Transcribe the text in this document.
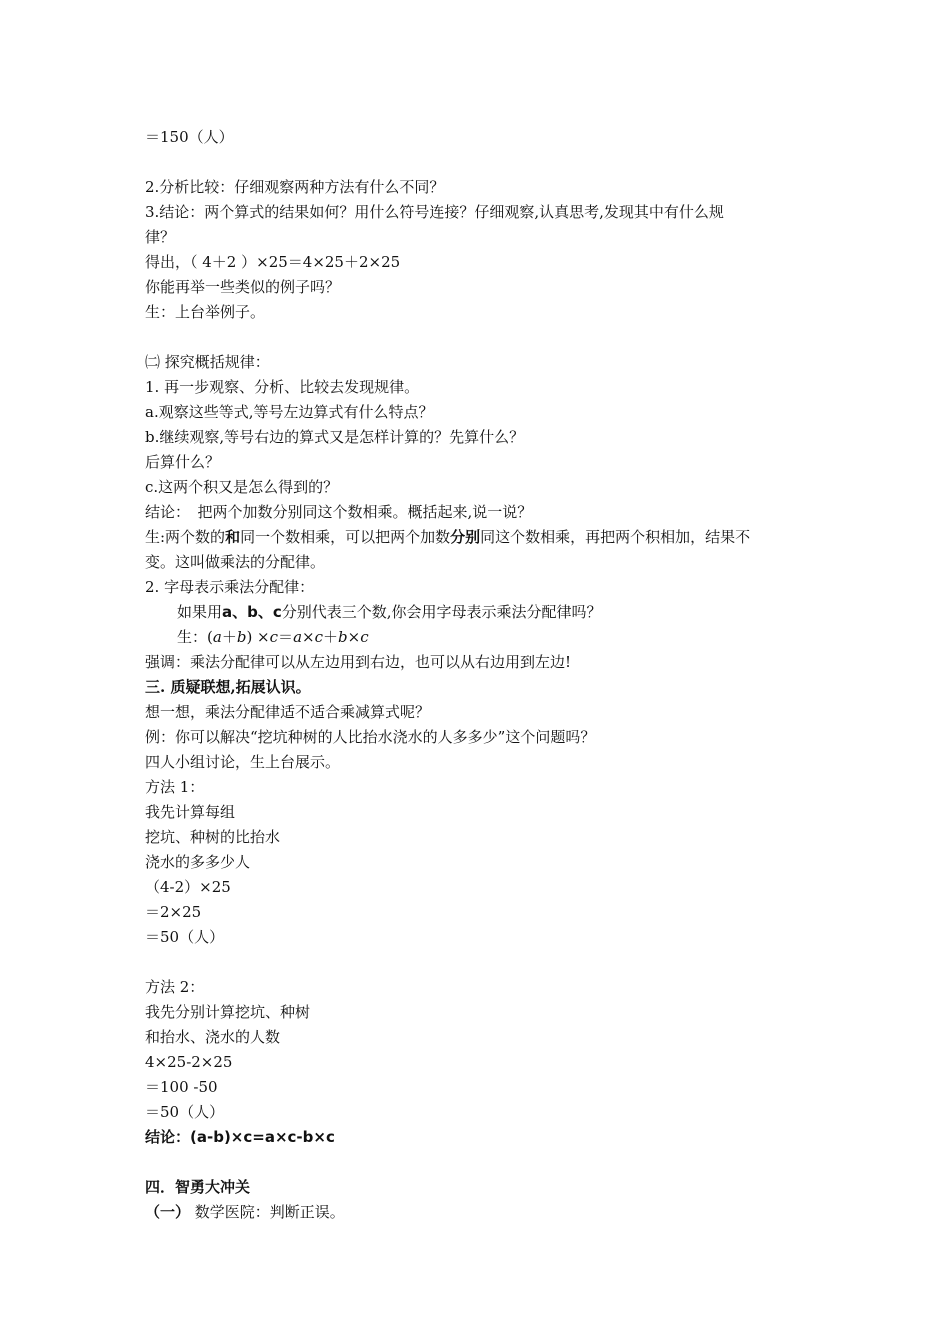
＝150（人）
2.分析比较：仔细观察两种方法有什么不同？
3.结论：两个算式的结果如何？用什么符号连接？仔细观察,认真思考,发现其中有什么规
律？
得出，（ 4＋2 ）×25＝4×25＋2×25
你能再举一些类似的例子吗？
生：上台举例子。
㈡ 探究概括规律：
1. 再一步观察、分析、比较去发现规律。
a.观察这些等式,等号左边算式有什么特点？
b.继续观察,等号右边的算式又是怎样计算的？先算什么？
后算什么？
c.这两个积又是怎么得到的？
结论：　把两个加数分别同这个数相乘。概括起来,说一说？
生:两个数的和同一个数相乘，可以把两个加数分别同这个数相乘，再把两个积相加，结果不
变。这叫做乘法的分配律。
2. 字母表示乘法分配律：
如果用a、b、c分别代表三个数,你会用字母表示乘法分配律吗？
生：(a＋b) ×c＝a×c＋b×c
强调：乘法分配律可以从左边用到右边，也可以从右边用到左边!
三. 质疑联想,拓展认识。
想一想，乘法分配律适不适合乘减算式呢？
例：你可以解决“挖坑种树的人比抬水浇水的人多多少”这个问题吗？
四人小组讨论，生上台展示。
方法 1：
我先计算每组
挖坑、种树的比抬水
浇水的多多少人
（4-2）×25
＝2×25
＝50（人）
方法 2：
我先分别计算挖坑、种树
和抬水、浇水的人数
4×25-2×25
＝100 -50
＝50（人）
结论：(a-b)×c=a×c-b×c
四．智勇大冲关
（一） 数学医院：判断正误。
